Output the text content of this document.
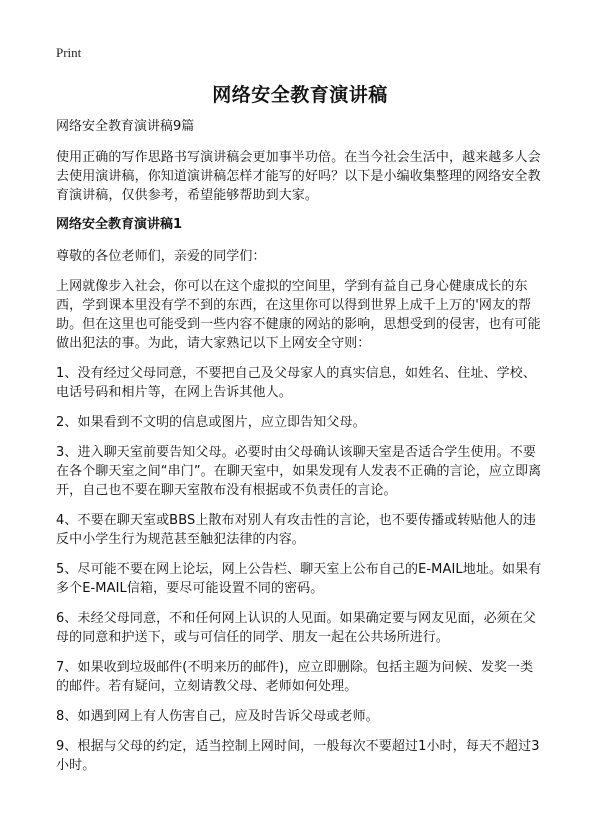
Print
网络安全教育演讲稿

网络安全教育演讲稿9篇

使用正确的写作思路书写演讲稿会更加事半功倍。在当今社会生活中，越来越多人会去使用演讲稿，你知道演讲稿怎样才能写的好吗？以下是小编收集整理的网络安全教育演讲稿，仅供参考，希望能够帮助到大家。

网络安全教育演讲稿1

尊敬的各位老师们，亲爱的同学们：

上网就像步入社会，你可以在这个虚拟的空间里，学到有益自己身心健康成长的东西，学到课本里没有学不到的东西，在这里你可以得到世界上成千上万的'网友的帮助。但在这里也可能受到一些内容不健康的网站的影响，思想受到的侵害，也有可能做出犯法的事。为此，请大家熟记以下上网安全守则：

1、没有经过父母同意，不要把自己及父母家人的真实信息，如姓名、住址、学校、电话号码和相片等，在网上告诉其他人。

2、如果看到不文明的信息或图片，应立即告知父母。

3、进入聊天室前要告知父母。必要时由父母确认该聊天室是否适合学生使用。不要在各个聊天室之间“串门”。在聊天室中，如果发现有人发表不正确的言论，应立即离开，自己也不要在聊天室散布没有根据或不负责任的言论。

4、不要在聊天室或BBS上散布对别人有攻击性的言论，也不要传播或转贴他人的违反中小学生行为规范甚至触犯法律的内容。

5、尽可能不要在网上论坛，网上公告栏、聊天室上公布自己的E-MAIL地址。如果有多个E-MAIL信箱，要尽可能设置不同的密码。

6、未经父母同意，不和任何网上认识的人见面。如果确定要与网友见面，必须在父母的同意和护送下，或与可信任的同学、朋友一起在公共场所进行。

7、如果收到垃圾邮件(不明来历的邮件)，应立即删除。包括主题为问候、发奖一类的邮件。若有疑问，立刻请教父母、老师如何处理。

8、如遇到网上有人伤害自己，应及时告诉父母或老师。

9、根据与父母的约定，适当控制上网时间，一般每次不要超过1小时，每天不超过3小时。
